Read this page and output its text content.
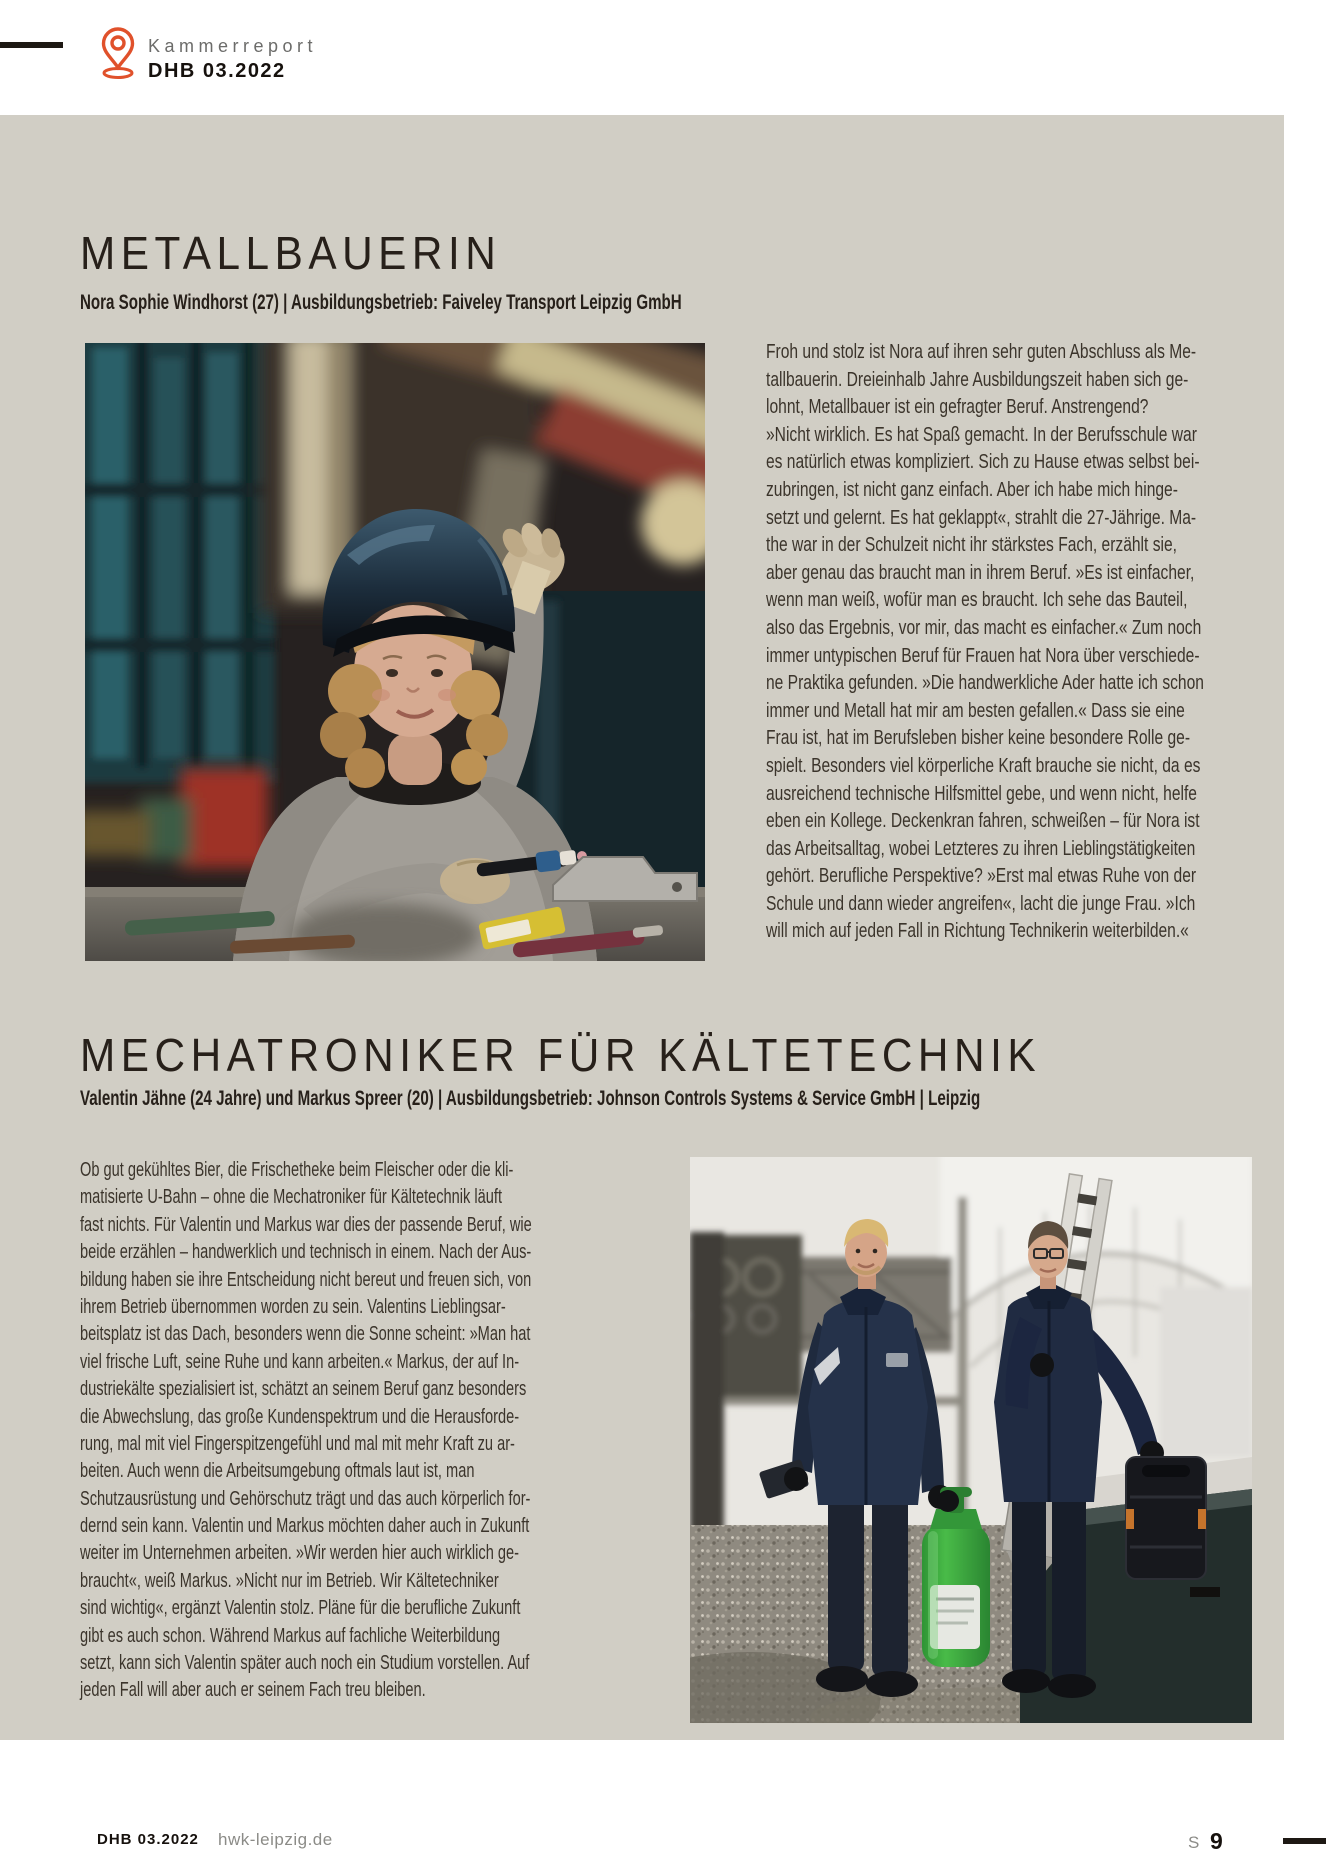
Kammerreport
DHB 03.2022
METALLBAUERIN
Nora Sophie Windhorst (27) | Ausbildungsbetrieb: Faiveley Transport Leipzig GmbH
Froh und stolz ist Nora auf ihren sehr guten Abschluss als Me-
tallbauerin. Dreieinhalb Jahre Ausbildungszeit haben sich ge-
lohnt, Metallbauer ist ein gefragter Beruf. Anstrengend?
»Nicht wirklich. Es hat Spaß gemacht. In der Berufsschule war
es natürlich etwas kompliziert. Sich zu Hause etwas selbst bei-
zubringen, ist nicht ganz einfach. Aber ich habe mich hinge-
setzt und gelernt. Es hat geklappt«, strahlt die 27-Jährige. Ma-
the war in der Schulzeit nicht ihr stärkstes Fach, erzählt sie,
aber genau das braucht man in ihrem Beruf. »Es ist einfacher,
wenn man weiß, wofür man es braucht. Ich sehe das Bauteil,
also das Ergebnis, vor mir, das macht es einfacher.« Zum noch
immer untypischen Beruf für Frauen hat Nora über verschiede-
ne Praktika gefunden. »Die handwerkliche Ader hatte ich schon
immer und Metall hat mir am besten gefallen.« Dass sie eine
Frau ist, hat im Berufsleben bisher keine besondere Rolle ge-
spielt. Besonders viel körperliche Kraft brauche sie nicht, da es
ausreichend technische Hilfsmittel gebe, und wenn nicht, helfe
eben ein Kollege. Deckenkran fahren, schweißen – für Nora ist
das Arbeitsalltag, wobei Letzteres zu ihren Lieblingstätigkeiten
gehört. Berufliche Perspektive? »Erst mal etwas Ruhe von der
Schule und dann wieder angreifen«, lacht die junge Frau. »Ich
will mich auf jeden Fall in Richtung Technikerin weiterbilden.«
MECHATRONIKER FÜR KÄLTETECHNIK
Valentin Jähne (24 Jahre) und Markus Spreer (20) | Ausbildungsbetrieb: Johnson Controls Systems & Service GmbH | Leipzig
Ob gut gekühltes Bier, die Frischetheke beim Fleischer oder die kli-
matisierte U-Bahn – ohne die Mechatroniker für Kältetechnik läuft
fast nichts. Für Valentin und Markus war dies der passende Beruf, wie
beide erzählen – handwerklich und technisch in einem. Nach der Aus-
bildung haben sie ihre Entscheidung nicht bereut und freuen sich, von
ihrem Betrieb übernommen worden zu sein. Valentins Lieblingsar-
beitsplatz ist das Dach, besonders wenn die Sonne scheint: »Man hat
viel frische Luft, seine Ruhe und kann arbeiten.« Markus, der auf In-
dustriekälte spezialisiert ist, schätzt an seinem Beruf ganz besonders
die Abwechslung, das große Kundenspektrum und die Herausforde-
rung, mal mit viel Fingerspitzengefühl und mal mit mehr Kraft zu ar-
beiten. Auch wenn die Arbeitsumgebung oftmals laut ist, man
Schutzausrüstung und Gehörschutz trägt und das auch körperlich for-
dernd sein kann. Valentin und Markus möchten daher auch in Zukunft
weiter im Unternehmen arbeiten. »Wir werden hier auch wirklich ge-
braucht«, weiß Markus. »Nicht nur im Betrieb. Wir Kältetechniker
sind wichtig«, ergänzt Valentin stolz. Pläne für die berufliche Zukunft
gibt es auch schon. Während Markus auf fachliche Weiterbildung
setzt, kann sich Valentin später auch noch ein Studium vorstellen. Auf
jeden Fall will aber auch er seinem Fach treu bleiben.
DHB 03.2022 hwk-leipzig.de	S 9
